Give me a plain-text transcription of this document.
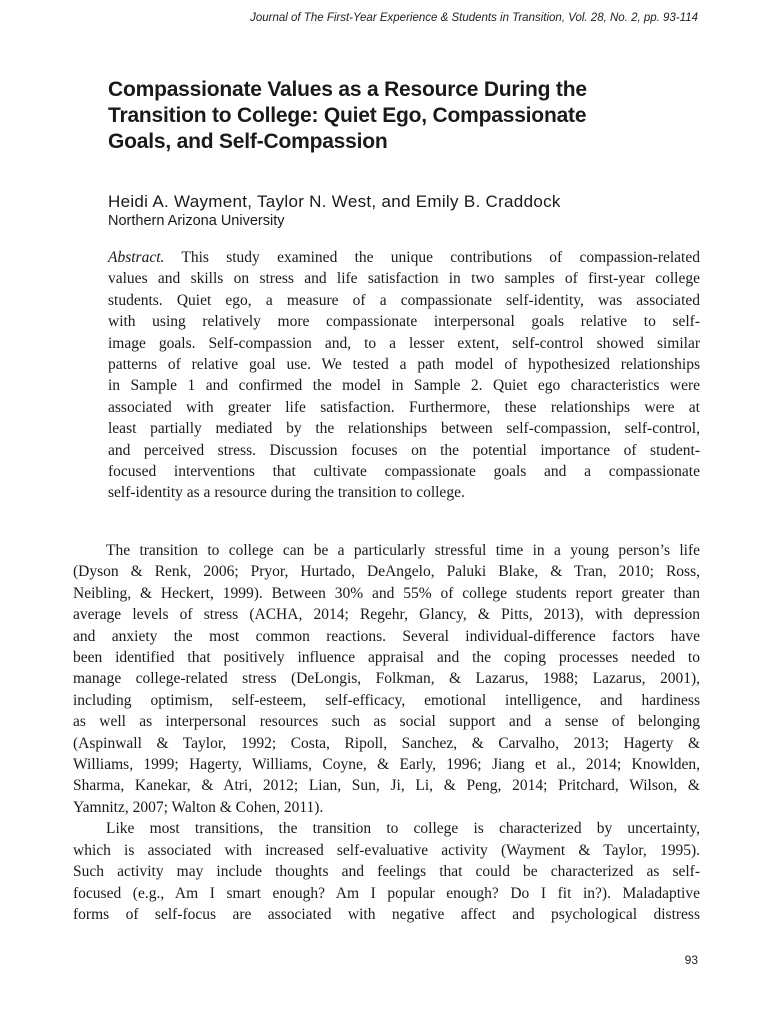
Journal of The First-Year Experience & Students in Transition, Vol. 28, No. 2, pp. 93-114
Compassionate Values as a Resource During the
Transition to College: Quiet Ego, Compassionate
Goals, and Self-Compassion
Heidi A. Wayment, Taylor N. West, and Emily B. Craddock
Northern Arizona University
Abstract. This study examined the unique contributions of compassion-related
values and skills on stress and life satisfaction in two samples of first-year college
students. Quiet ego, a measure of a compassionate self-identity, was associated
with using relatively more compassionate interpersonal goals relative to self-
image goals. Self-compassion and, to a lesser extent, self-control showed similar
patterns of relative goal use. We tested a path model of hypothesized relationships
in Sample 1 and confirmed the model in Sample 2. Quiet ego characteristics were
associated with greater life satisfaction. Furthermore, these relationships were at
least partially mediated by the relationships between self-compassion, self-control,
and perceived stress. Discussion focuses on the potential importance of student-
focused interventions that cultivate compassionate goals and a compassionate
self-identity as a resource during the transition to college.
The transition to college can be a particularly stressful time in a young person’s life
(Dyson & Renk, 2006; Pryor, Hurtado, DeAngelo, Paluki Blake, & Tran, 2010; Ross,
Neibling, & Heckert, 1999). Between 30% and 55% of college students report greater than
average levels of stress (ACHA, 2014; Regehr, Glancy, & Pitts, 2013), with depression
and anxiety the most common reactions. Several individual-difference factors have
been identified that positively influence appraisal and the coping processes needed to
manage college-related stress (DeLongis, Folkman, & Lazarus, 1988; Lazarus, 2001),
including optimism, self-esteem, self-efficacy, emotional intelligence, and hardiness
as well as interpersonal resources such as social support and a sense of belonging
(Aspinwall & Taylor, 1992; Costa, Ripoll, Sanchez, & Carvalho, 2013; Hagerty &
Williams, 1999; Hagerty, Williams, Coyne, & Early, 1996; Jiang et al., 2014; Knowlden,
Sharma, Kanekar, & Atri, 2012; Lian, Sun, Ji, Li, & Peng, 2014; Pritchard, Wilson, &
Yamnitz, 2007; Walton & Cohen, 2011).
Like most transitions, the transition to college is characterized by uncertainty,
which is associated with increased self-evaluative activity (Wayment & Taylor, 1995).
Such activity may include thoughts and feelings that could be characterized as self-
focused (e.g., Am I smart enough? Am I popular enough? Do I fit in?). Maladaptive
forms of self-focus are associated with negative affect and psychological distress
93
